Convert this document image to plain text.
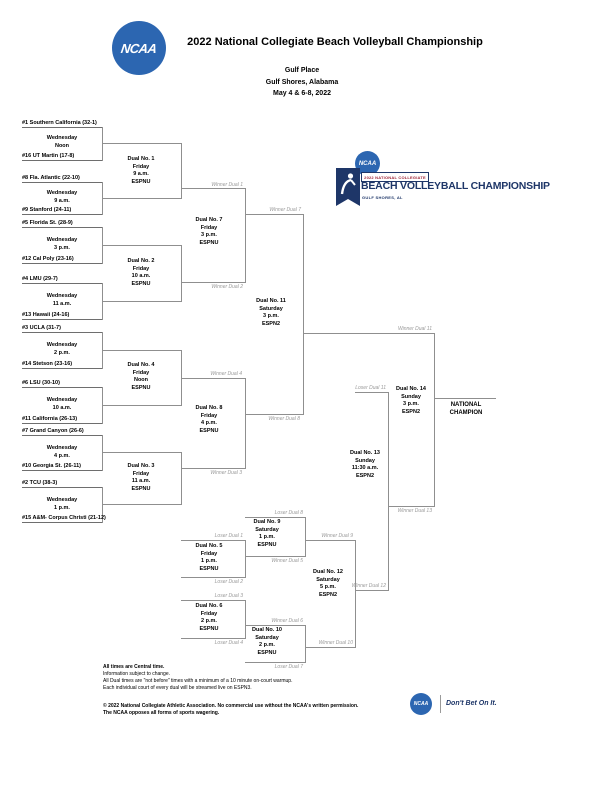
NCAA	2022 National Collegiate Beach Volleyball Championship
Gulf Place
Gulf Shores, Alabama
May 4 & 6-8, 2022
NCAA
2022 NATIONAL COLLEGIATE
BEACH VOLLEYBALL CHAMPIONSHIP
GULF SHORES, AL
#1 Southern California (32-1)
#16 UT Martin (17-8)
#8 Fla. Atlantic (22-10)
#9 Stanford (24-11)
#5 Florida St. (28-9)
#12 Cal Poly (23-16)
#4 LMU (29-7)
#13 Hawaii (24-16)
#3 UCLA (31-7)
#14 Stetson (23-16)
#6 LSU (30-10)
#11 California (26-13)
#7 Grand Canyon (26-6)
#10 Georgia St. (26-11)
#2 TCU (38-3)
#15 A&M- Corpus Christi (21-12)
Wednesday
Noon
Wednesday
9 a.m.
Wednesday
3 p.m.
Wednesday
11 a.m.
Wednesday
2 p.m.
Wednesday
10 a.m.
Wednesday
4 p.m.
Wednesday
1 p.m.
Dual No. 1
Friday
9 a.m.
ESPNU
Dual No. 2
Friday
10 a.m.
ESPNU
Dual No. 4
Friday
Noon
ESPNU
Dual No. 3
Friday
11 a.m.
ESPNU
Dual No. 7
Friday
3 p.m.
ESPNU
Dual No. 8
Friday
4 p.m.
ESPNU
Dual No. 11
Saturday
3 p.m.
ESPN2
Dual No. 14
Sunday
3 p.m.
ESPN2
Dual No. 13
Sunday
11:30 a.m.
ESPN2
Dual No. 5
Friday
1 p.m.
ESPNU
Dual No. 9
Saturday
1 p.m.
ESPNU
Dual No. 6
Friday
2 p.m.
ESPNU	Dual No. 10
Saturday
2 p.m.
ESPNU
Dual No. 12
Saturday
5 p.m.
ESPN2
Winner Dual 1
Winner Dual 2
Winner Dual 7
Winner Dual 4
Winner Dual 3
Winner Dual 8
Winner Dual 11
Loser Dual 11
Winner Dual 13
Winner Dual 12
Loser Dual 1
Loser Dual 2
Loser Dual 8
Winner Dual 5
Winner Dual 9
Loser Dual 3
Loser Dual 4
Winner Dual 6
Loser Dual 7
Winner Dual 10
NATIONAL
CHAMPION
All times are Central time.
Information subject to change.
All Dual times are "not before" times with a minimum of a 10 minute on-court warmup.
Each individual court of every dual will be streamed live on ESPN3.
© 2022 National Collegiate Athletic Association. No commercial use without the NCAA's written permission.
The NCAA opposes all forms of sports wagering.
NCAA	Don't Bet On It.
